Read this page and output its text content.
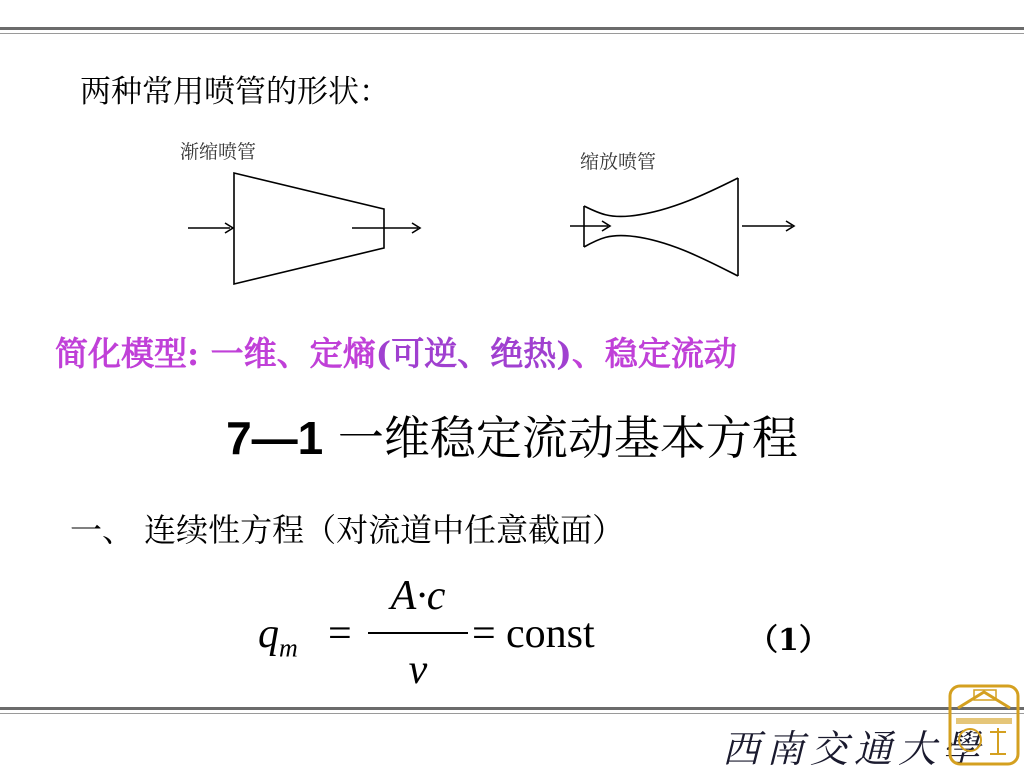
两种常用喷管的形状：
渐缩喷管	缩放喷管
简化模型: 一维、定熵(可逆、绝热)、稳定流动
7—1 一维稳定流动基本方程
一、 连续性方程（对流道中任意截面）
$q_m$ =
A·c
v
= const	（1）
西南交通大學
